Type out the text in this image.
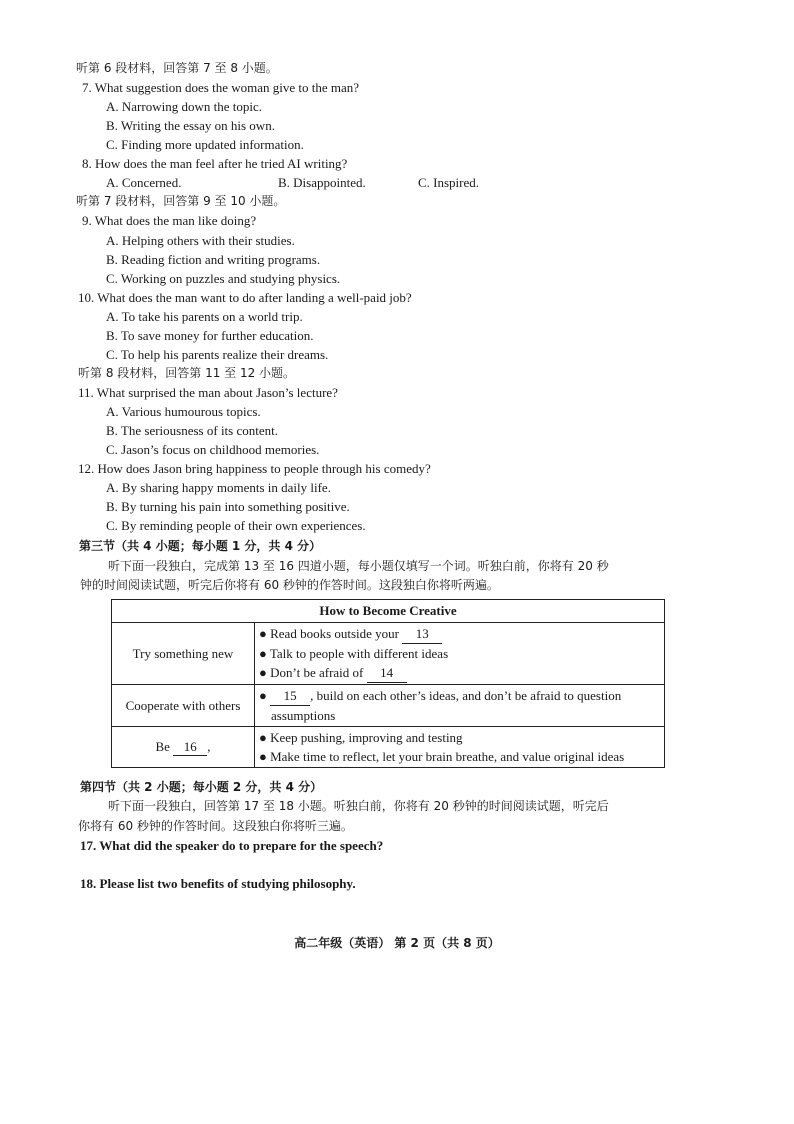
听第 6 段材料，回答第 7 至 8 小题。
7. What suggestion does the woman give to the man?
A. Narrowing down the topic.
B. Writing the essay on his own.
C. Finding more updated information.
8. How does the man feel after he tried AI writing?
A. Concerned.	B. Disappointed.	C. Inspired.
听第 7 段材料，回答第 9 至 10 小题。
9. What does the man like doing?
A. Helping others with their studies.
B. Reading fiction and writing programs.
C. Working on puzzles and studying physics.
10. What does the man want to do after landing a well-paid job?
A. To take his parents on a world trip.
B. To save money for further education.
C. To help his parents realize their dreams.
听第 8 段材料，回答第 11 至 12 小题。
11. What surprised the man about Jason’s lecture?
A. Various humourous topics.
B. The seriousness of its content.
C. Jason’s focus on childhood memories.
12. How does Jason bring happiness to people through his comedy?
A. By sharing happy moments in daily life.
B. By turning his pain into something positive.
C. By reminding people of their own experiences.
第三节（共 4 小题；每小题 1 分，共 4 分）
听下面一段独白，完成第 13 至 16 四道小题，每小题仅填写一个词。听独白前，你将有 20 秒
钟的时间阅读试题，听完后你将有 60 秒钟的作答时间。这段独白你将听两遍。
How to Become Creative	
Try something new	● Read books outside your 13
● Talk to people with different ideas
● Don’t be afraid of 14

Cooperate with others	● 15 , build on each other’s ideas, and don’t be afraid to question
assumptions

Be 16 ,	● Keep pushing, improving and testing
● Make time to reflect, let your brain breathe, and value original ideas
第四节（共 2 小题；每小题 2 分，共 4 分）
听下面一段独白，回答第 17 至 18 小题。听独白前，你将有 20 秒钟的时间阅读试题，听完后
你将有 60 秒钟的作答时间。这段独白你将听三遍。
17. What did the speaker do to prepare for the speech?
18. Please list two benefits of studying philosophy.
高二年级（英语） 第 2 页（共 8 页）
